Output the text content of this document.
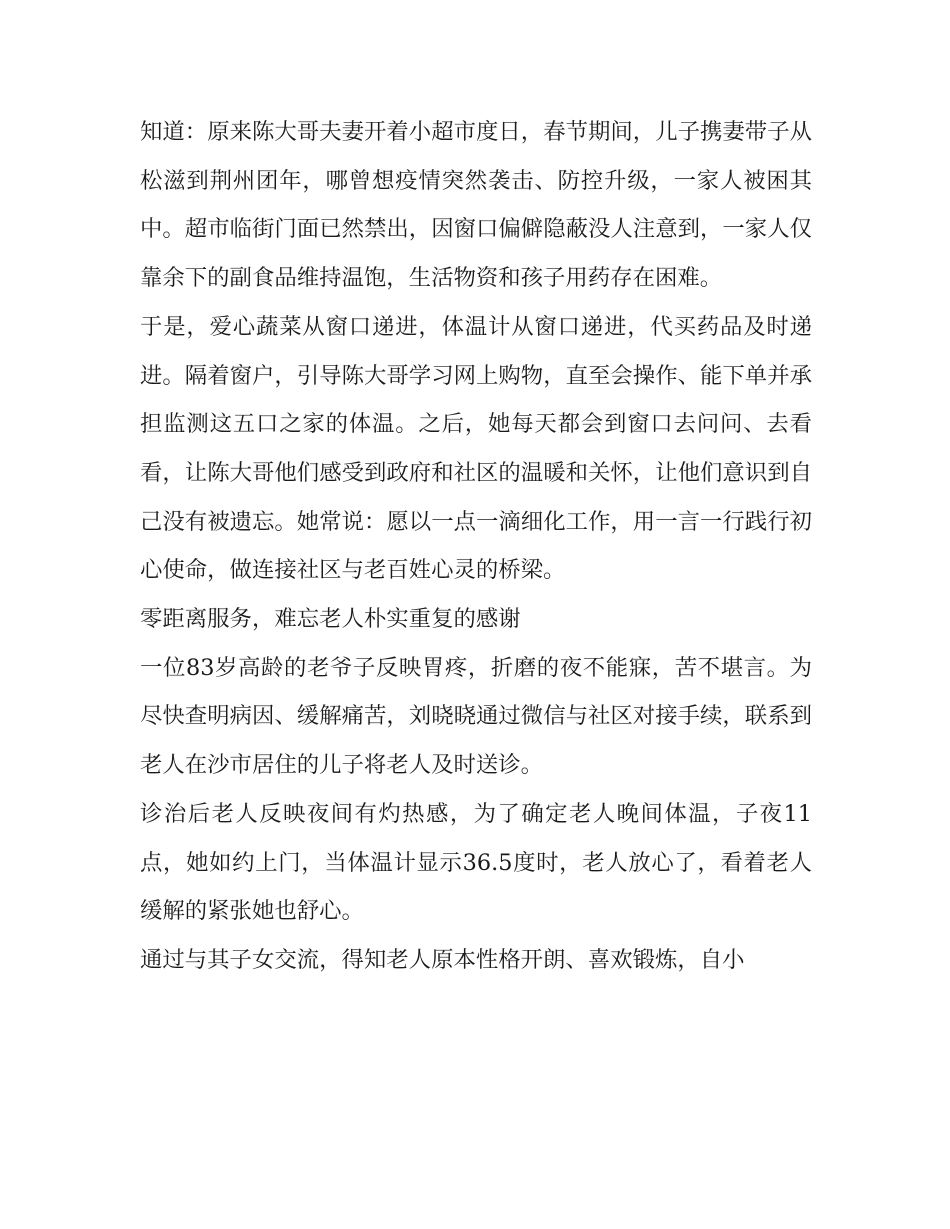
知道：原来陈大哥夫妻开着小超市度日，春节期间，儿子携妻带子从松滋到荆州团年，哪曾想疫情突然袭击、防控升级，一家人被困其中。超市临街门面已然禁出，因窗口偏僻隐蔽没人注意到，一家人仅靠余下的副食品维持温饱，生活物资和孩子用药存在困难。

于是，爱心蔬菜从窗口递进，体温计从窗口递进，代买药品及时递进。隔着窗户，引导陈大哥学习网上购物，直至会操作、能下单并承担监测这五口之家的体温。之后，她每天都会到窗口去问问、去看看，让陈大哥他们感受到政府和社区的温暖和关怀，让他们意识到自己没有被遗忘。她常说：愿以一点一滴细化工作，用一言一行践行初心使命，做连接社区与老百姓心灵的桥梁。

零距离服务，难忘老人朴实重复的感谢

一位83岁高龄的老爷子反映胃疼，折磨的夜不能寐，苦不堪言。为尽快查明病因、缓解痛苦，刘晓晓通过微信与社区对接手续，联系到老人在沙市居住的儿子将老人及时送诊。

诊治后老人反映夜间有灼热感，为了确定老人晚间体温，子夜11点，她如约上门，当体温计显示36.5度时，老人放心了，看着老人缓解的紧张她也舒心。

通过与其子女交流，得知老人原本性格开朗、喜欢锻炼，自小
